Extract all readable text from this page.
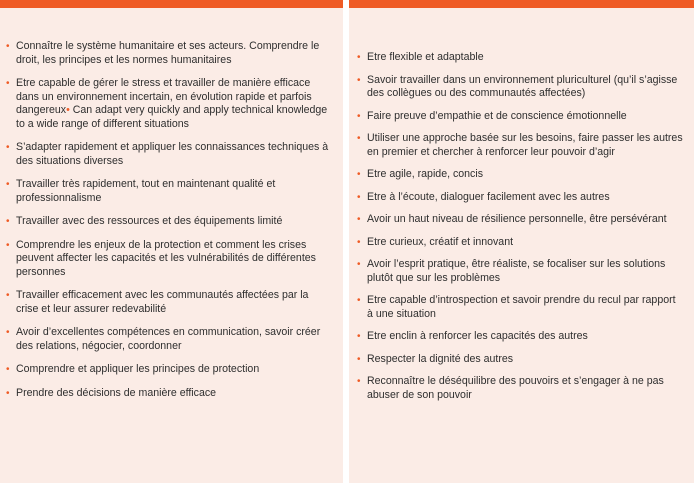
• Connaître le système humanitaire et ses acteurs. Comprendre le droit, les principes et les normes humanitaires
• Etre capable de gérer le stress et travailler de manière efficace dans un environnement incertain, en évolution rapide et parfois dangereux• Can adapt very quickly and apply technical knowledge to a wide range of different situations
• S’adapter rapidement et appliquer les connaissances techniques à des situations diverses
• Travailler très rapidement, tout en maintenant qualité et professionnalisme
• Travailler avec des ressources et des équipements limité
• Comprendre les enjeux de la protection et comment les crises peuvent affecter les capacités et les vulnérabilités de différentes personnes
• Travailler efficacement avec les communautés affectées par la crise et leur assurer redevabilité
• Avoir d’excellentes compétences en communication, savoir créer des relations, négocier, coordonner
• Comprendre et appliquer les principes de protection
• Prendre des décisions de manière efficace
• Etre flexible et adaptable
• Savoir travailler dans un environnement pluriculturel (qu’il s’agisse des collègues ou des communautés affectées)
• Faire preuve d’empathie et de conscience émotionnelle
• Utiliser une approche basée sur les besoins, faire passer les autres en premier et chercher à renforcer leur pouvoir d’agir
• Etre agile, rapide, concis
• Etre à l’écoute, dialoguer facilement avec les autres
• Avoir un haut niveau de résilience personnelle, être persévérant
• Etre curieux, créatif et innovant
• Avoir l’esprit pratique, être réaliste, se focaliser sur les solutions plutôt que sur les problèmes
• Etre capable d’introspection et savoir prendre du recul par rapport à une situation
• Etre enclin à renforcer les capacités des autres
• Respecter la dignité des autres
• Reconnaître le déséquilibre des pouvoirs et s’engager à ne pas abuser de son pouvoir
